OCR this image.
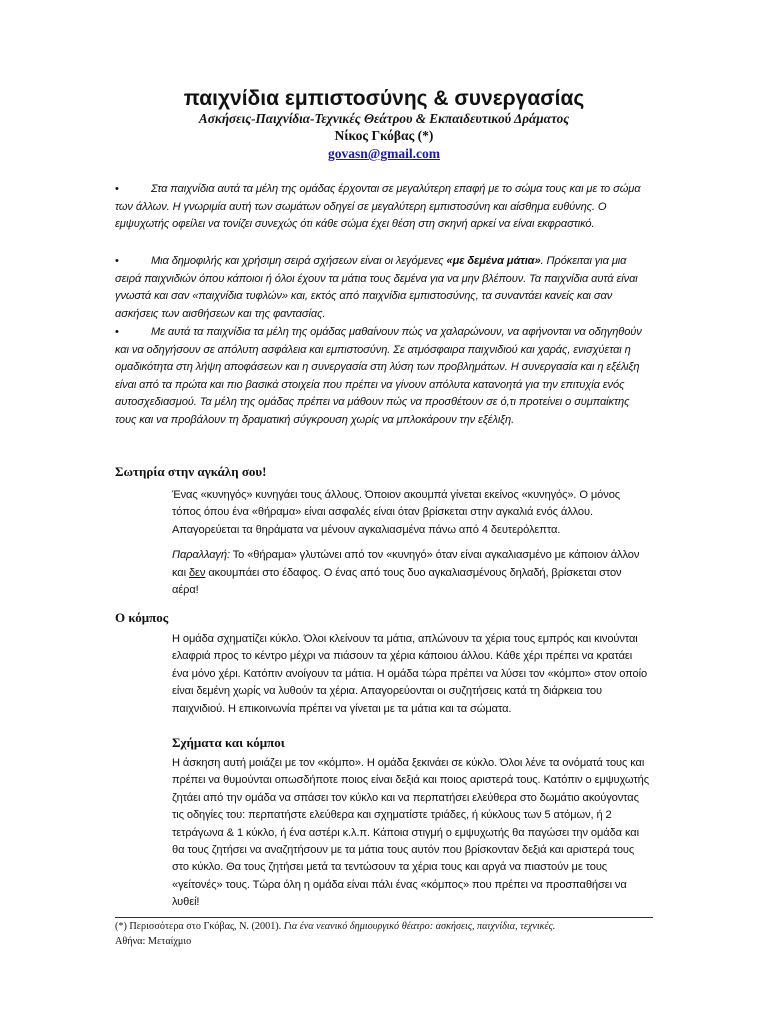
παιχνίδια εμπιστοσύνης & συνεργασίας
Ασκήσεις-Παιχνίδια-Τεχνικές Θεάτρου & Εκπαιδευτικού Δράματος
Νίκος Γκόβας (*)
govasn@gmail.com

•	Στα παιχνίδια αυτά τα μέλη της ομάδας έρχονται σε μεγαλύτερη επαφή με το σώμα τους και με το σώμα των άλλων. Η γνωριμία αυτή των σωμάτων οδηγεί σε μεγαλύτερη εμπιστοσύνη και αίσθημα ευθύνης. Ο εμψυχωτής οφείλει να τονίζει συνεχώς ότι κάθε σώμα έχει θέση στη σκηνή αρκεί να είναι εκφραστικό.

•	Μια δημοφιλής και χρήσιμη σειρά σχήσεων είναι οι λεγόμενες «με δεμένα μάτια». Πρόκειται για μια σειρά παιχνιδιών όπου κάποιοι ή όλοι έχουν τα μάτια τους δεμένα για να μην βλέπουν. Τα παιχνίδια αυτά είναι γνωστά και σαν «παιχνίδια τυφλών» και, εκτός από παιχνίδια εμπιστοσύνης, τα συναντάει κανείς και σαν ασκήσεις των αισθήσεων και της φαντασίας.

•	Με αυτά τα παιχνίδια τα μέλη της ομάδας μαθαίνουν πώς να χαλαρώνουν, να αφήνονται να οδηγηθούν και να οδηγήσουν σε απόλυτη ασφάλεια και εμπιστοσύνη. Σε ατμόσφαιρα παιχνιδιού και χαράς, ενισχύεται η ομαδικότητα στη λήψη αποφάσεων και η συνεργασία στη λύση των προβλημάτων. Η συνεργασία και η εξέλιξη είναι από τα πρώτα και πιο βασικά στοιχεία που πρέπει να γίνουν απόλυτα κατανοητά για την επιτυχία ενός αυτοσχεδιασμού. Τα μέλη της ομάδας πρέπει να μάθουν πώς να προσθέτουν σε ό,τι προτείνει ο συμπαίκτης τους και να προβάλουν τη δραματική σύγκρουση χωρίς να μπλοκάρουν την εξέλιξη.

Σωτηρία στην αγκάλη σου!

Ένας «κυνηγός» κυνηγάει τους άλλους. Όποιον ακουμπά γίνεται εκείνος «κυνηγός». Ο μόνος τόπος όπου ένα «θήραμα» είναι ασφαλές είναι όταν βρίσκεται στην αγκαλιά ενός άλλου. Απαγορεύεται τα θηράματα να μένουν αγκαλιασμένα πάνω από 4 δευτερόλεπτα.

Παραλλαγή: Το «θήραμα» γλυτώνει από τον «κυνηγό» όταν είναι αγκαλιασμένο με κάποιον άλλον και δεν ακουμπάει στο έδαφος. Ο ένας από τους δυο αγκαλιασμένους δηλαδή, βρίσκεται στον αέρα!

Ο κόμπος

Η ομάδα σχηματίζει κύκλο. Όλοι κλείνουν τα μάτια, απλώνουν τα χέρια τους εμπρός και κινούνται ελαφριά προς το κέντρο μέχρι να πιάσουν τα χέρια κάποιου άλλου. Κάθε χέρι πρέπει να κρατάει ένα μόνο χέρι. Κατόπιν ανοίγουν τα μάτια. Η ομάδα τώρα πρέπει να λύσει τον «κόμπο» στον οποίο είναι δεμένη χωρίς να λυθούν τα χέρια. Απαγορεύονται οι συζητήσεις κατά τη διάρκεια του παιχνιδιού. Η επικοινωνία πρέπει να γίνεται με τα μάτια και τα σώματα.

Σχήματα και κόμποι

Η άσκηση αυτή μοιάζει με τον «κόμπο». Η ομάδα ξεκινάει σε κύκλο. Όλοι λένε τα ονόματά τους και πρέπει να θυμούνται οπωσδήποτε ποιος είναι δεξιά και ποιος αριστερά τους. Κατόπιν ο εμψυχωτής ζητάει από την ομάδα να σπάσει τον κύκλο και να περπατήσει ελεύθερα στο δωμάτιο ακούγοντας τις οδηγίες του: περπατήστε ελεύθερα και σχηματίστε τριάδες, ή κύκλους των 5 ατόμων, ή 2 τετράγωνα & 1 κύκλο, ή ένα αστέρι κ.λ.π. Κάποια στιγμή ο εμψυχωτής θα παγώσει την ομάδα και θα τους ζητήσει να αναζητήσουν με τα μάτια τους αυτόν που βρίσκονταν δεξιά και αριστερά τους στο κύκλο. Θα τους ζητήσει μετά τα τεντώσουν τα χέρια τους και αργά να πιαστούν με τους «γείτονές» τους. Τώρα όλη η ομάδα είναι πάλι ένας «κόμπος» που πρέπει να προσπαθήσει να λυθεί!

(*) Περισσότερα στο Γκόβας, Ν. (2001). Για ένα νεανικό δημιουργικό θέατρο: ασκήσεις, παιχνίδια, τεχνικές.
Αθήνα: Μεταίχμιο
